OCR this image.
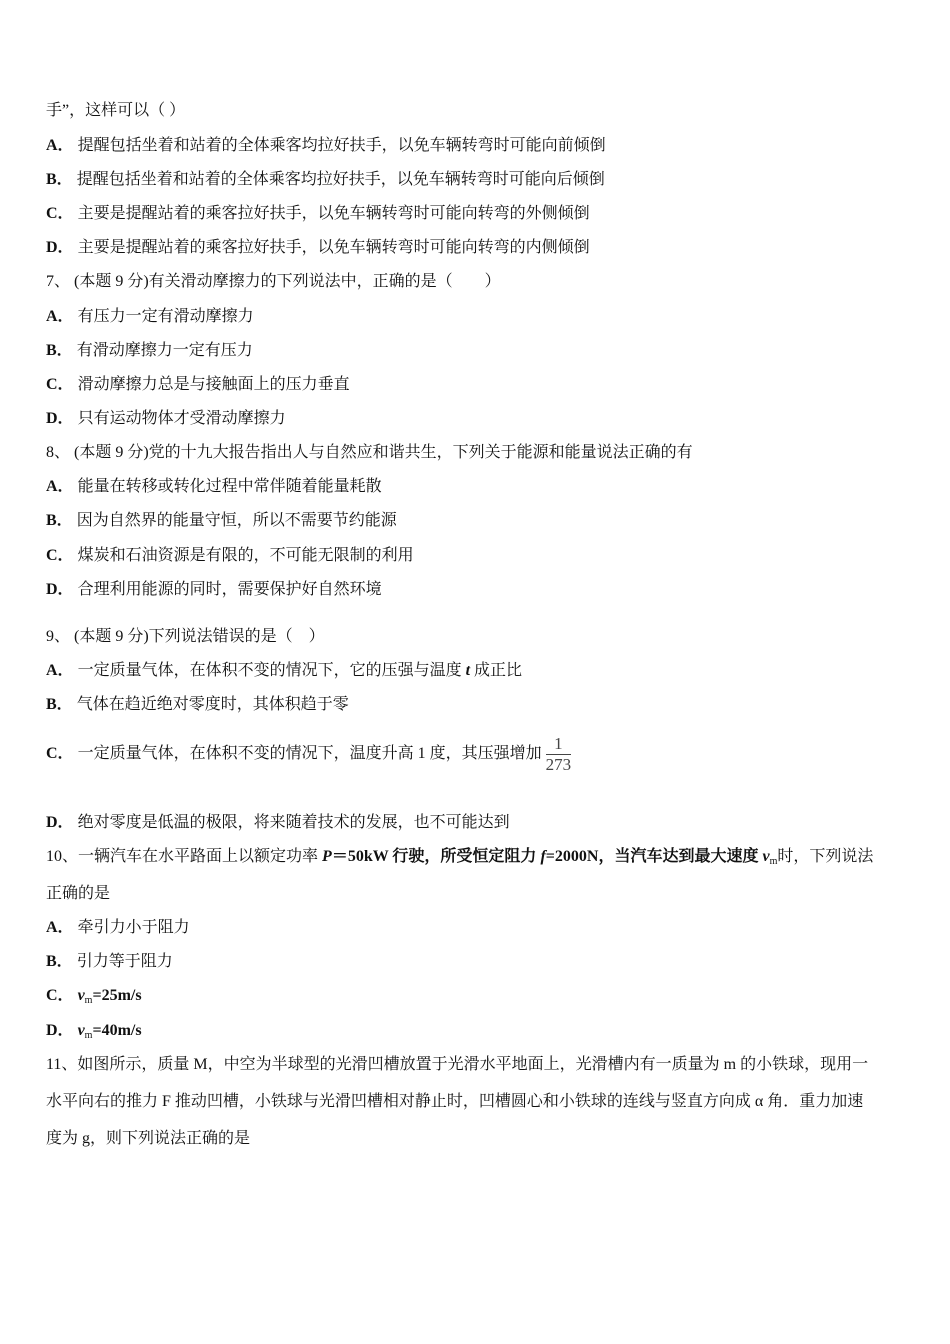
手”，这样可以（ ）
A． 提醒包括坐着和站着的全体乘客均拉好扶手，以免车辆转弯时可能向前倾倒
B． 提醒包括坐着和站着的全体乘客均拉好扶手，以免车辆转弯时可能向后倾倒
C． 主要是提醒站着的乘客拉好扶手，以免车辆转弯时可能向转弯的外侧倾倒
D． 主要是提醒站着的乘客拉好扶手，以免车辆转弯时可能向转弯的内侧倾倒
7、 (本题 9 分)有关滑动摩擦力的下列说法中，正确的是（　　）
A． 有压力一定有滑动摩擦力
B． 有滑动摩擦力一定有压力
C． 滑动摩擦力总是与接触面上的压力垂直
D． 只有运动物体才受滑动摩擦力
8、 (本题 9 分)党的十九大报告指出人与自然应和谐共生，下列关于能源和能量说法正确的有
A． 能量在转移或转化过程中常伴随着能量耗散
B． 因为自然界的能量守恒，所以不需要节约能源
C． 煤炭和石油资源是有限的，不可能无限制的利用
D． 合理利用能源的同时，需要保护好自然环境
9、 (本题 9 分)下列说法错误的是（　）
A． 一定质量气体，在体积不变的情况下，它的压强与温度 t 成正比
B． 气体在趋近绝对零度时，其体积趋于零
C． 一定质量气体，在体积不变的情况下，温度升高 1 度，其压强增加 $\frac{1}{273}$
D． 绝对零度是低温的极限，将来随着技术的发展，也不可能达到
10、一辆汽车在水平路面上以额定功率 P＝50kW 行驶，所受恒定阻力 f=2000N，当汽车达到最大速度 $v_m$时，下列说法
正确的是
A． 牵引力小于阻力
B． 引力等于阻力
C． $v_m=25m/s$
D． $v_m=40m/s$
11、如图所示，质量 M，中空为半球型的光滑凹槽放置于光滑水平地面上，光滑槽内有一质量为 m 的小铁球，现用一
水平向右的推力 F 推动凹槽，小铁球与光滑凹槽相对静止时，凹槽圆心和小铁球的连线与竖直方向成 α 角．重力加速
度为 g，则下列说法正确的是
